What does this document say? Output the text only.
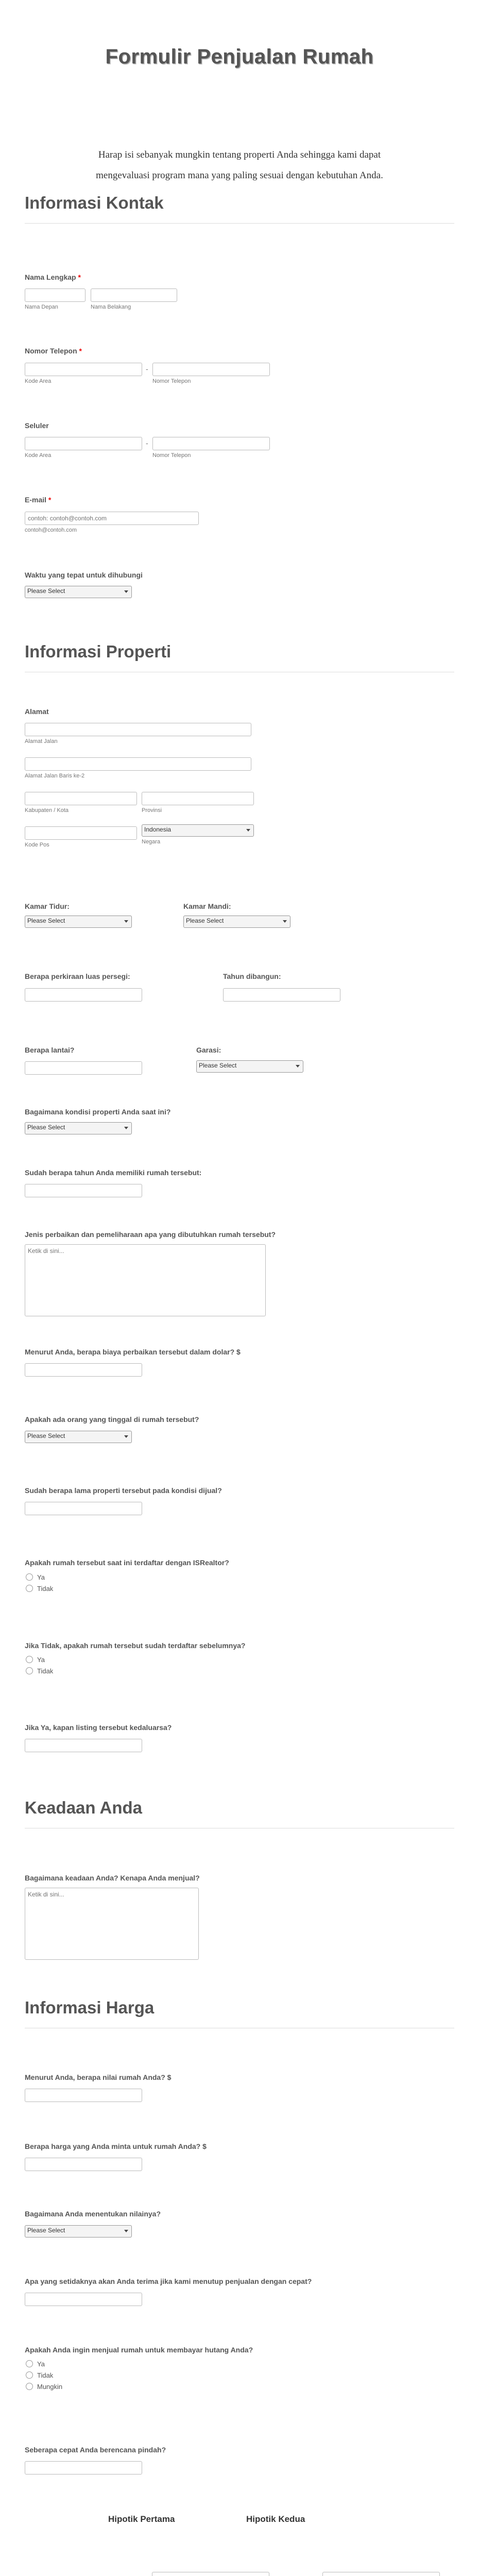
Formulir Penjualan Rumah

Harap isi sebanyak mungkin tentang properti Anda sehingga kami dapat mengevaluasi program mana yang paling sesuai dengan kebutuhan Anda.

Informasi Kontak
Nama Lengkap *
Nama Depan	Nama Belakang
Nomor Telepon *
Kode Area
-
Nomor Telepon
Seluler
Kode Area
-
Nomor Telepon
E-mail *
contoh: contoh@contoh.com
contoh@contoh.com
Waktu yang tepat untuk dihubungi
Please Select
Informasi Properti
Alamat
Alamat Jalan
Alamat Jalan Baris ke-2
Kabupaten / Kota	Provinsi
Kode Pos
Indonesia
Negara
Kamar Tidur:
Please Select
Kamar Mandi:
Please Select
Berapa perkiraan luas persegi:	Tahun dibangun:
Berapa lantai?	Garasi:
Please Select
Bagaimana kondisi properti Anda saat ini?
Please Select
Sudah berapa tahun Anda memiliki rumah tersebut:
Jenis perbaikan dan pemeliharaan apa yang dibutuhkan rumah tersebut?
Ketik di sini...
Menurut Anda, berapa biaya perbaikan tersebut dalam dolar? $
Apakah ada orang yang tinggal di rumah tersebut?
Please Select
Sudah berapa lama properti tersebut pada kondisi dijual?
Apakah rumah tersebut saat ini terdaftar dengan ISRealtor?
Ya
Tidak
Jika Tidak, apakah rumah tersebut sudah terdaftar sebelumnya?
Ya
Tidak
Jika Ya, kapan listing tersebut kedaluarsa?
Keadaan Anda
Bagaimana keadaan Anda? Kenapa Anda menjual?
Ketik di sini...
Informasi Harga
Menurut Anda, berapa nilai rumah Anda? $
Berapa harga yang Anda minta untuk rumah Anda? $
Bagaimana Anda menentukan nilainya?
Please Select
Apa yang setidaknya akan Anda terima jika kami menutup penjualan dengan cepat?
Apakah Anda ingin menjual rumah untuk membayar hutang Anda?
Ya
Tidak
Mungkin
Seberapa cepat Anda berencana pindah?
Hipotik Pertama	Hipotik Kedua
